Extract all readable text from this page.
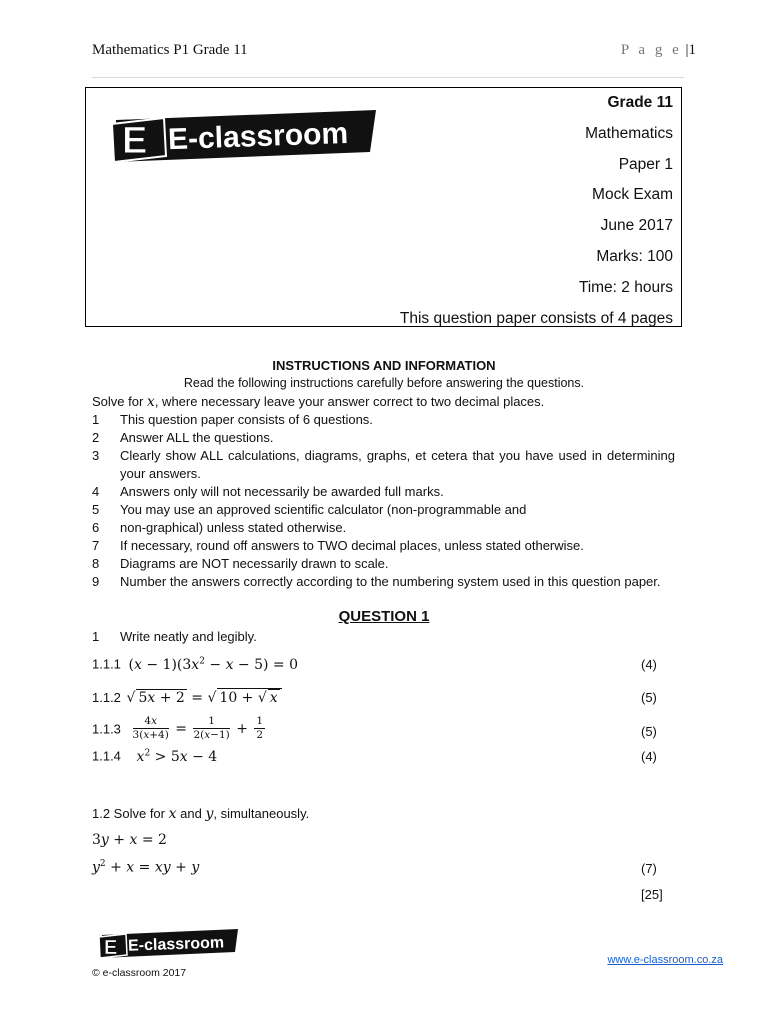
Mathematics P1 Grade 11	P a g e |1
E E-classroom
Grade 11
Mathematics
Paper 1
Mock Exam
June 2017
Marks: 100
Time: 2 hours
This question paper consists of 4 pages
INSTRUCTIONS AND INFORMATION
Read the following instructions carefully before answering the questions.
Solve for x, where necessary leave your answer correct to two decimal places.
1	This question paper consists of 6 questions.
2	Answer ALL the questions.
3	Clearly show ALL calculations, diagrams, graphs, et cetera that you have used in determining your answers.
4	Answers only will not necessarily be awarded full marks.
5	You may use an approved scientific calculator (non-programmable and
6	non-graphical) unless stated otherwise.
7	If necessary, round off answers to TWO decimal places, unless stated otherwise.
8	Diagrams are NOT necessarily drawn to scale.
9	Number the answers correctly according to the numbering system used in this question paper.
QUESTION 1
1 Write neatly and legibly.
1.1.1 $(x - 1)(3x^2 - x - 5) = 0$	(4)
1.1.2 √ 5x + 2 = √ 10 + √ x	(5)
$1.1.3 \frac{4x}{3(x+4)} = \frac{1}{2(x-1)} + \frac{1}{2}$	(5)
1.1.4 $x^2 > 5x - 4$	(4)
1.2 Solve for x and y, simultaneously.
3y + x = 2
$y^2 + x$ = xy + y	(7)
[25]
E E-classroom
© e-classroom 2017
www.e-classroom.co.za
